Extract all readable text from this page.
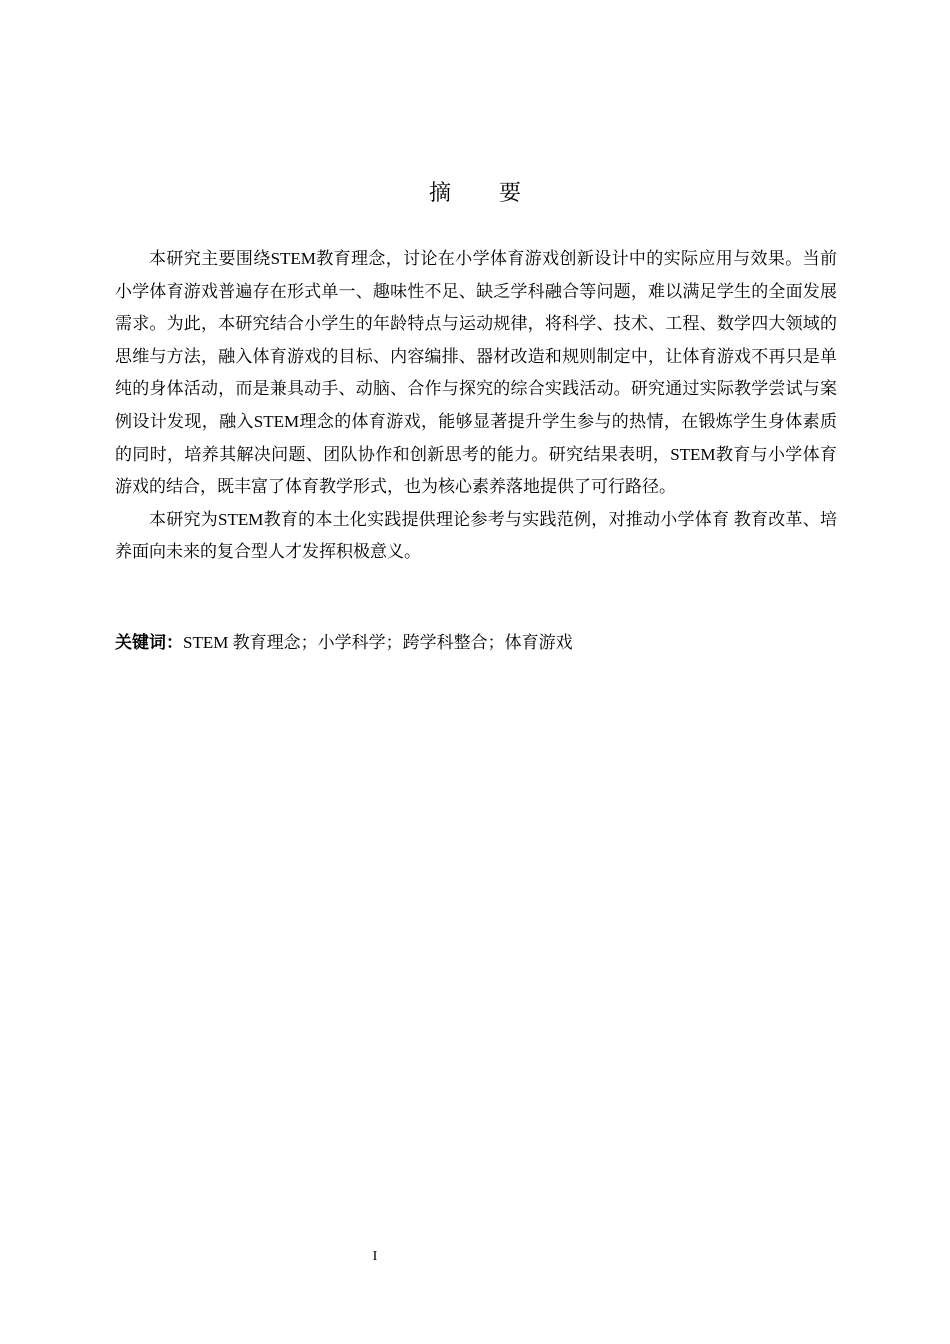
摘要

本研究主要围绕STEM教育理念，讨论在小学体育游戏创新设计中的实际应用与效果。当前小学体育游戏普遍存在形式单一、趣味性不足、缺乏学科融合等问题，难以满足学生的全面发展需求。为此，本研究结合小学生的年龄特点与运动规律，将科学、技术、工程、数学四大领域的思维与方法，融入体育游戏的目标、内容编排、器材改造和规则制定中，让体育游戏不再只是单纯的身体活动，而是兼具动手、动脑、合作与探究的综合实践活动。研究通过实际教学尝试与案例设计发现，融入STEM理念的体育游戏，能够显著提升学生参与的热情，在锻炼学生身体素质的同时，培养其解决问题、团队协作和创新思考的能力。研究结果表明，STEM教育与小学体育游戏的结合，既丰富了体育教学形式，也为核心素养落地提供了可行路径。

本研究为STEM教育的本土化实践提供理论参考与实践范例，对推动小学体育 教育改革、培养面向未来的复合型人才发挥积极意义。

关键词：STEM 教育理念；小学科学；跨学科整合；体育游戏
I
